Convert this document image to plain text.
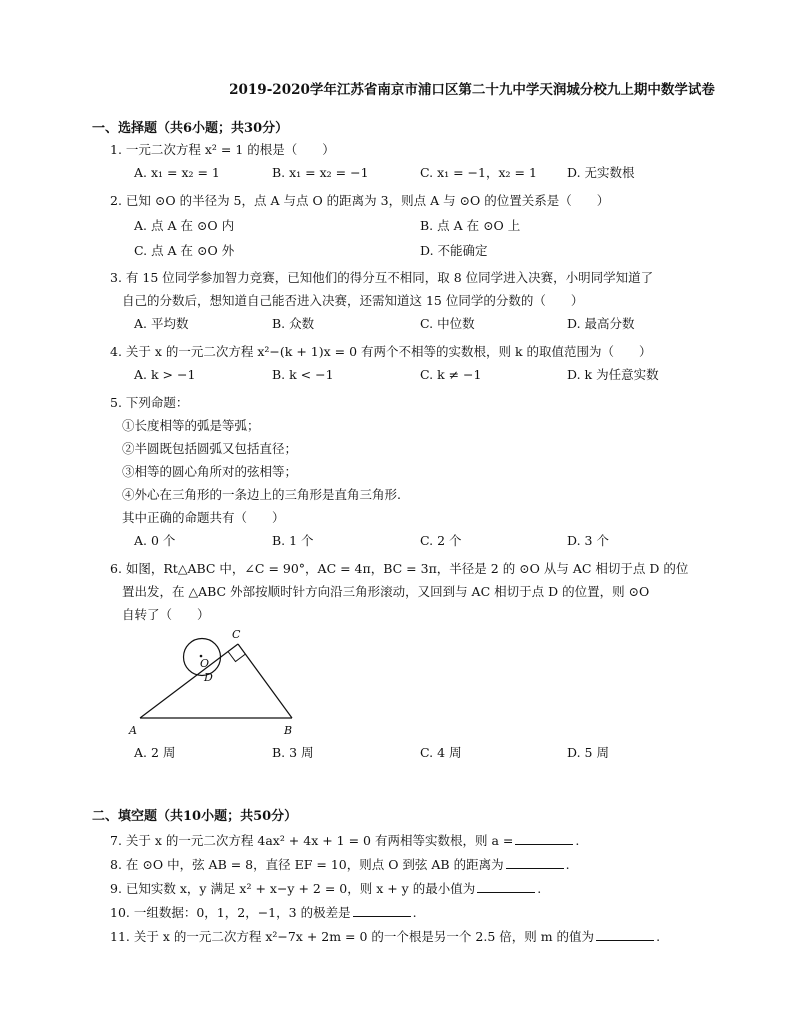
2019-2020学年江苏省南京市浦口区第二十九中学天润城分校九上期中数学试卷
一、选择题（共6小题；共30分）
1. 一元二次方程 x² = 1 的根是（　　）
A. x₁ = x₂ = 1	B. x₁ = x₂ = −1	C. x₁ = −1，x₂ = 1 D. 无实数根
2. 已知 ⊙O 的半径为 5，点 A 与点 O 的距离为 3，则点 A 与 ⊙O 的位置关系是（　　）
A. 点 A 在 ⊙O 内	B. 点 A 在 ⊙O 上
C. 点 A 在 ⊙O 外	D. 不能确定
3. 有 15 位同学参加智力竞赛，已知他们的得分互不相同，取 8 位同学进入决赛，小明同学知道了
自己的分数后，想知道自己能否进入决赛，还需知道这 15 位同学的分数的（　　）
A. 平均数	B. 众数	C. 中位数	D. 最高分数
4. 关于 x 的一元二次方程 x²−(k + 1)x = 0 有两个不相等的实数根，则 k 的取值范围为（　　）
A. k > −1	B. k < −1	C. k ≠ −1	D. k 为任意实数
5. 下列命题：
①长度相等的弧是等弧；
②半圆既包括圆弧又包括直径；
③相等的圆心角所对的弦相等；
④外心在三角形的一条边上的三角形是直角三角形.
其中正确的命题共有（　　）
A. 0 个	B. 1 个	C. 2 个	D. 3 个
6. 如图，Rt△ABC 中，∠C = 90°，AC = 4π，BC = 3π，半径是 2 的 ⊙O 从与 AC 相切于点 D 的位
置出发，在 △ABC 外部按顺时针方向沿三角形滚动，又回到与 AC 相切于点 D 的位置，则 ⊙O
自转了（　　）
C
O
D
A	B
A. 2 周	B. 3 周	C. 4 周	D. 5 周
二、填空题（共10小题；共50分）
7. 关于 x 的一元二次方程 4ax² + 4x + 1 = 0 有两相等实数根，则 a =	.
8. 在 ⊙O 中，弦 AB = 8，直径 EF = 10，则点 O 到弦 AB 的距离为	.
9. 已知实数 x，y 满足 x² + x−y + 2 = 0，则 x + y 的最小值为	.
10. 一组数据：0，1，2，−1，3 的极差是	.
11. 关于 x 的一元二次方程 x²−7x + 2m = 0 的一个根是另一个 2.5 倍，则 m 的值为	.
